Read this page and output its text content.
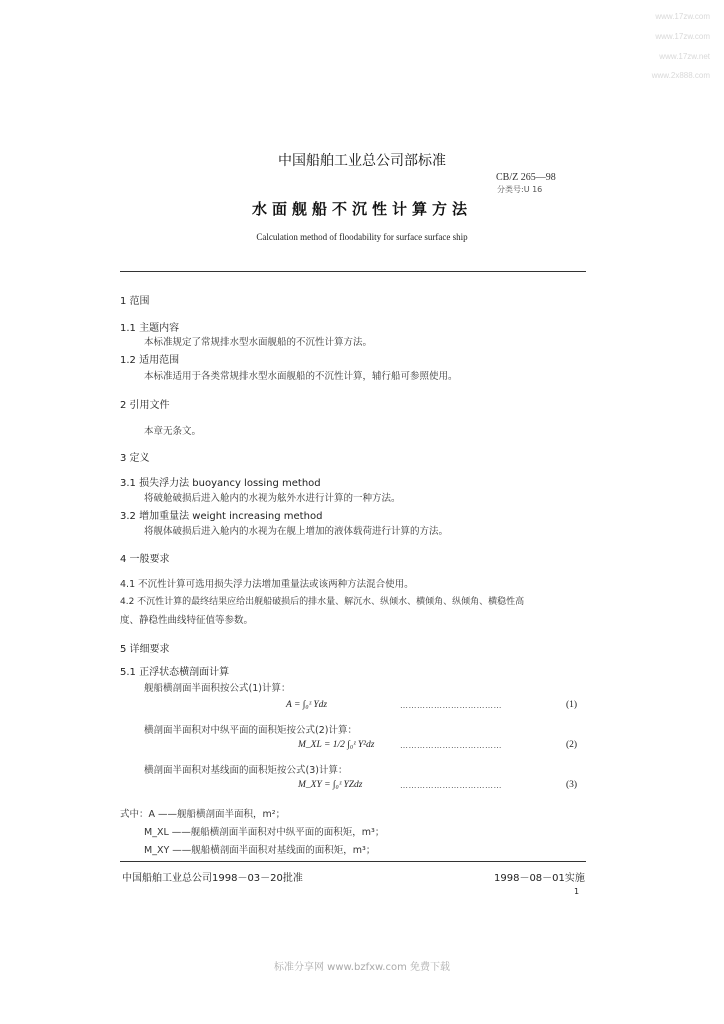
www.17zw.com
www.17zw.com
www.17zw.net
www.2x888.com
中国船舶工业总公司部标准
CB/Z 265—98
分类号:U 16
水面舰船不沉性计算方法
Calculation method of floodability for surface surface ship
1 范围
1.1 主题内容
本标准规定了常规排水型水面舰船的不沉性计算方法。
1.2 适用范围
本标准适用于各类常规排水型水面舰船的不沉性计算，辅行船可参照使用。
2 引用文件
本章无条文。
3 定义
3.1 损失浮力法 buoyancy lossing method
将破舱破损后进入舱内的水视为舷外水进行计算的一种方法。
3.2 增加重量法 weight increasing method
将舰体破损后进入舱内的水视为在舰上增加的液体载荷进行计算的方法。
4 一般要求
4.1 不沉性计算可选用损失浮力法增加重量法或该两种方法混合使用。
4.2 不沉性计算的最终结果应给出舰船破损后的排水量、解沉水、纵倾水、横倾角、纵倾角、横稳性高
度、静稳性曲线特征值等参数。
5 详细要求
5.1 正浮状态横剖面计算
舰船横剖面半面积按公式(1)计算：
A = ∫₀ᶻ Ydz	………………………………	(1)
横剖面半面积对中纵平面的面积矩按公式(2)计算：
M_XL = 1/2 ∫₀ᶻ Y²dz	………………………………	(2)
横剖面半面积对基线面的面积矩按公式(3)计算：
M_XY = ∫₀ᶻ YZdz	………………………………	(3)
式中：A ——舰船横剖面半面积，m²；
M_XL ——舰船横剖面半面积对中纵平面的面积矩，m³；
M_XY ——舰船横剖面半面积对基线面的面积矩，m³；
中国船舶工业总公司1998－03－20批准	1998－08－01实施
1
标准分享网 www.bzfxw.com 免费下载
